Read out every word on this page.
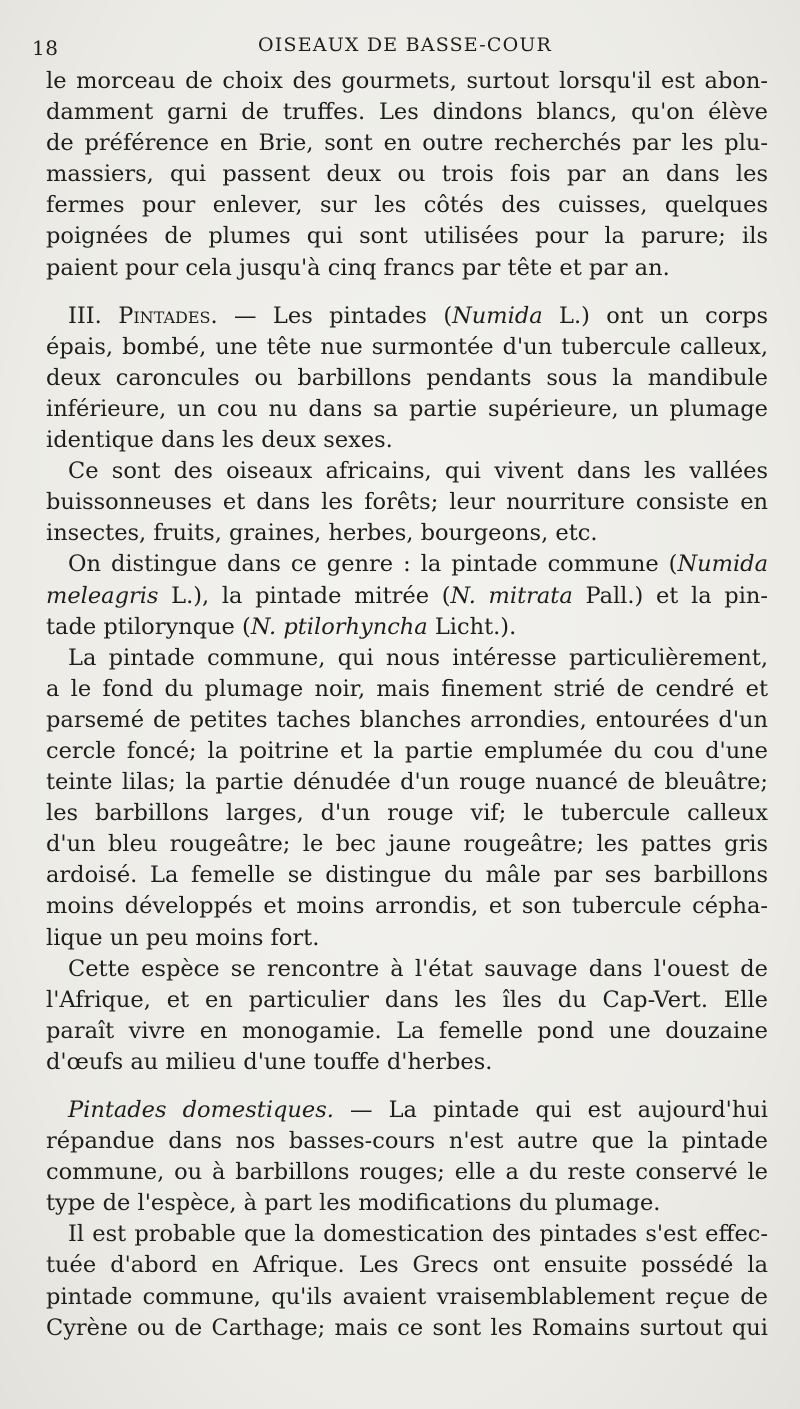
18	OISEAUX DE BASSE-COUR
le morceau de choix des gourmets, surtout lorsqu'il est abon-
damment garni de truffes. Les dindons blancs, qu'on élève
de préférence en Brie, sont en outre recherchés par les plu-
massiers, qui passent deux ou trois fois par an dans les
fermes pour enlever, sur les côtés des cuisses, quelques
poignées de plumes qui sont utilisées pour la parure; ils
paient pour cela jusqu'à cinq francs par tête et par an.
III. Pintades. — Les pintades (Numida L.) ont un corps
épais, bombé, une tête nue surmontée d'un tubercule calleux,
deux caroncules ou barbillons pendants sous la mandibule
inférieure, un cou nu dans sa partie supérieure, un plumage
identique dans les deux sexes.
Ce sont des oiseaux africains, qui vivent dans les vallées
buissonneuses et dans les forêts; leur nourriture consiste en
insectes, fruits, graines, herbes, bourgeons, etc.
On distingue dans ce genre : la pintade commune (Numida
meleagris L.), la pintade mitrée (N. mitrata Pall.) et la pin-
tade ptilorynque (N. ptilorhyncha Licht.).
La pintade commune, qui nous intéresse particulièrement,
a le fond du plumage noir, mais finement strié de cendré et
parsemé de petites taches blanches arrondies, entourées d'un
cercle foncé; la poitrine et la partie emplumée du cou d'une
teinte lilas; la partie dénudée d'un rouge nuancé de bleuâtre;
les barbillons larges, d'un rouge vif; le tubercule calleux
d'un bleu rougeâtre; le bec jaune rougeâtre; les pattes gris
ardoisé. La femelle se distingue du mâle par ses barbillons
moins développés et moins arrondis, et son tubercule cépha-
lique un peu moins fort.
Cette espèce se rencontre à l'état sauvage dans l'ouest de
l'Afrique, et en particulier dans les îles du Cap-Vert. Elle
paraît vivre en monogamie. La femelle pond une douzaine
d'œufs au milieu d'une touffe d'herbes.
Pintades domestiques. — La pintade qui est aujourd'hui
répandue dans nos basses-cours n'est autre que la pintade
commune, ou à barbillons rouges; elle a du reste conservé le
type de l'espèce, à part les modifications du plumage.
Il est probable que la domestication des pintades s'est effec-
tuée d'abord en Afrique. Les Grecs ont ensuite possédé la
pintade commune, qu'ils avaient vraisemblablement reçue de
Cyrène ou de Carthage; mais ce sont les Romains surtout qui
